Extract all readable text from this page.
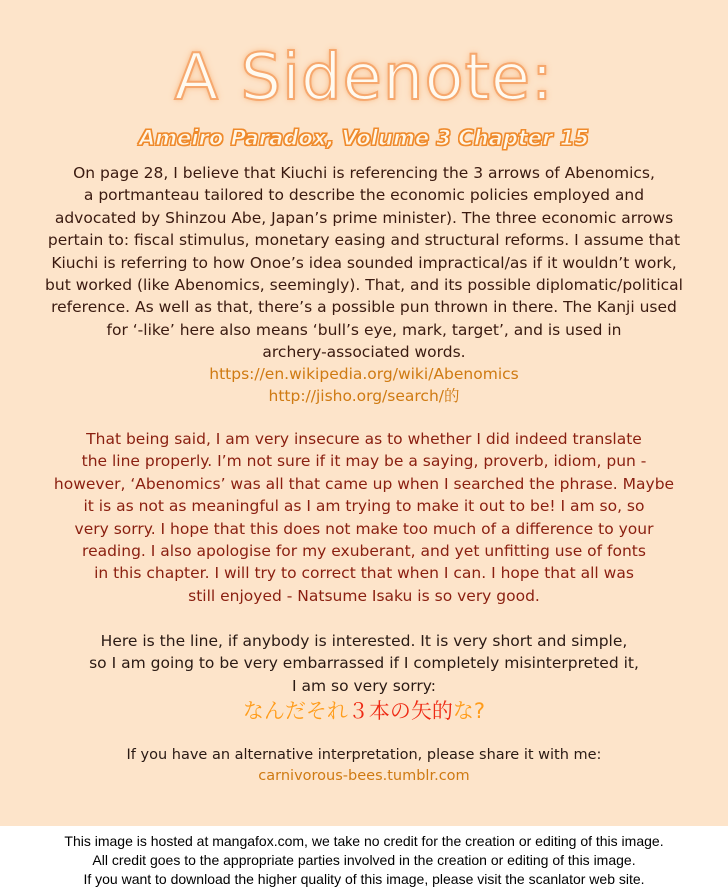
A Sidenote:
Ameiro Paradox, Volume 3 Chapter 15
On page 28, I believe that Kiuchi is referencing the 3 arrows of Abenomics,
a portmanteau tailored to describe the economic policies employed and
advocated by Shinzou Abe, Japan’s prime minister). The three economic arrows
pertain to: fiscal stimulus, monetary easing and structural reforms. I assume that
Kiuchi is referring to how Onoe’s idea sounded impractical/as if it wouldn’t work,
but worked (like Abenomics, seemingly). That, and its possible diplomatic/political
reference. As well as that, there’s a possible pun thrown in there. The Kanji used
for ‘-like’ here also means ‘bull’s eye, mark, target’, and is used in
archery-associated words.
https://en.wikipedia.org/wiki/Abenomics
http://jisho.org/search/的
That being said, I am very insecure as to whether I did indeed translate
the line properly. I’m not sure if it may be a saying, proverb, idiom, pun -
however, ‘Abenomics’ was all that came up when I searched the phrase. Maybe
it is as not as meaningful as I am trying to make it out to be! I am so, so
very sorry. I hope that this does not make too much of a difference to your
reading. I also apologise for my exuberant, and yet unfitting use of fonts
in this chapter. I will try to correct that when I can. I hope that all was
still enjoyed - Natsume Isaku is so very good.
Here is the line, if anybody is interested. It is very short and simple,
so I am going to be very embarrassed if I completely misinterpreted it,
I am so very sorry:
なんだそれ３本の矢的な?
If you have an alternative interpretation, please share it with me:
carnivorous-bees.tumblr.com
This image is hosted at mangafox.com, we take no credit for the creation or editing of this image.
All credit goes to the appropriate parties involved in the creation or editing of this image.
If you want to download the higher quality of this image, please visit the scanlator web site.
